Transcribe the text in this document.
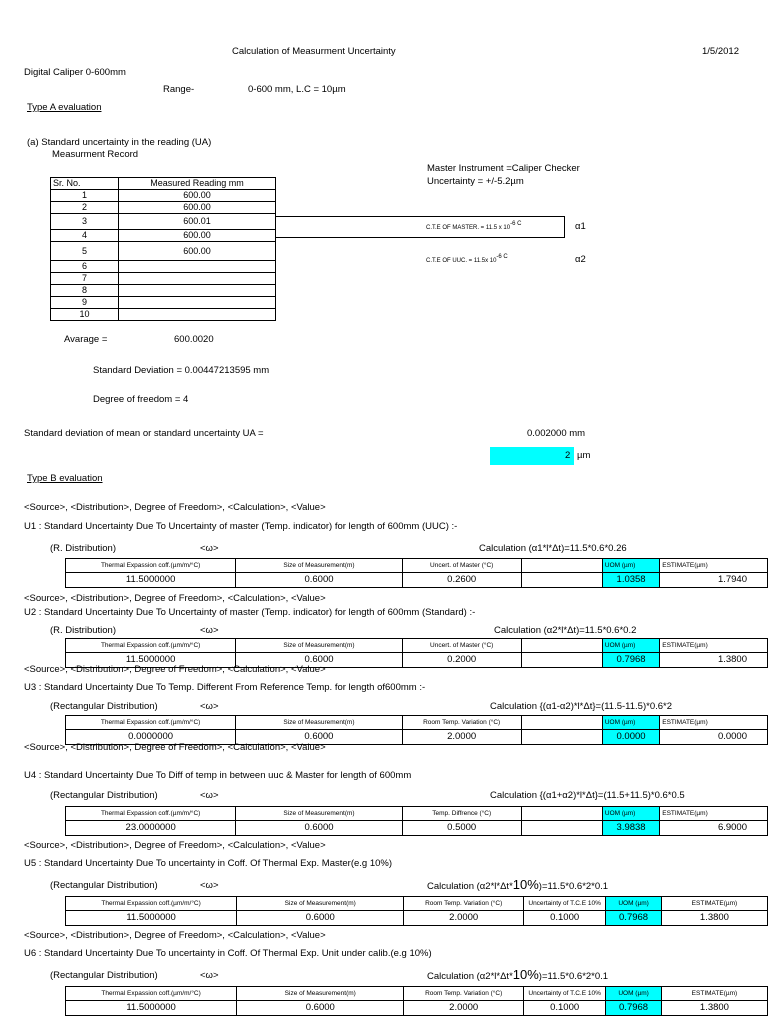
Calculation of Measurment Uncertainty	1/5/2012
Digital Caliper 0-600mm
Range-	0-600 mm, L.C = 10µm
Type A evaluation
(a) Standard uncertainty in the reading (UA)
Measurment Record
Master Instrument =Caliper Checker
Uncertainty = +/-5.2µm
Sr. No.	Measured Reading mm
1	600.00
2	600.00
3	600.01
4	600.00
5	600.00
6	
7	
8	
9	
10	
C.T.E OF MASTER. = 11.5 x $10^{-6 C}$	α1
C.T.E OF UUC. = 11.5x $10^{-6 C}$	α2
Avarage =	600.0020
Standard Deviation = 0.00447213595 mm
Degree of freedom = 4
Standard deviation of mean or standard uncertainty UA =	0.002000 mm
2 µm
Type B evaluation
<Source>, <Distribution>, Degree of Freedom>, <Calculation>, <Value>
U1 : Standard Uncertainty Due To Uncertainty of master (Temp. indicator) for length of 600mm (UUC) :-
(R. Distribution)	<ω>	Calculation (α1*l*Δt)=11.5*0.6*0.26
Thermal Expassion coff.(µm/m/°C)	Size of Measurement(m)	Uncert. of Master (°C)		UOM (µm)	ESTIMATE(µm)
11.5000000	0.6000	0.2600		1.0358	1.7940
<Source>, <Distribution>, Degree of Freedom>, <Calculation>, <Value>
U2 : Standard Uncertainty Due To Uncertainty of master (Temp. indicator) for length of 600mm (Standard) :-
(R. Distribution)	<ω>	Calculation (α2*l*Δt)=11.5*0.6*0.2
Thermal Expassion coff.(µm/m/°C)	Size of Measurement(m)	Uncert. of Master (°C)		UOM (µm)	ESTIMATE(µm)
11.5000000	0.6000	0.2000		0.7968	1.3800
<Source>, <Distribution>, Degree of Freedom>, <Calculation>, <Value>
U3 : Standard Uncertainty Due To Temp. Different From Reference Temp. for length of600mm :-
(Rectangular Distribution)	<ω>	Calculation {(α1-α2)*l*Δt}=(11.5-11.5)*0.6*2
Thermal Expassion coff.(µm/m/°C)	Size of Measurement(m)	Room Temp. Variation (°C)		UOM (µm)	ESTIMATE(µm)
0.0000000	0.6000	2.0000		0.0000	0.0000
<Source>, <Distribution>, Degree of Freedom>, <Calculation>, <Value>
U4 : Standard Uncertainty Due To Diff of temp in between uuc & Master for length of 600mm
(Rectangular Distribution)	<ω>	Calculation {(α1+α2)*l*Δt}=(11.5+11.5)*0.6*0.5
Thermal Expassion coff.(µm/m/°C)	Size of Measurement(m)	Temp. Diffrence (°C)		UOM (µm)	ESTIMATE(µm)
23.0000000	0.6000	0.5000		3.9838	6.9000
<Source>, <Distribution>, Degree of Freedom>, <Calculation>, <Value>
U5 : Standard Uncertainty Due To uncertainty in Coff. Of Thermal Exp. Master(e.g 10%)
(Rectangular Distribution)	<ω>	Calculation (α2*l*Δt*10%)=11.5*0.6*2*0.1
Thermal Expassion coff.(µm/m/°C)	Size of Measurement(m)	Room Temp. Variation (°C)	Uncertainty of T.C.E 10%	UOM (µm)	ESTIMATE(µm)
11.5000000	0.6000	2.0000	0.1000	0.7968	1.3800
<Source>, <Distribution>, Degree of Freedom>, <Calculation>, <Value>
U6 : Standard Uncertainty Due To uncertainty in Coff. Of Thermal Exp. Unit under calib.(e.g 10%)
(Rectangular Distribution)	<ω>	Calculation (α2*l*Δt*10%)=11.5*0.6*2*0.1
Thermal Expassion coff.(µm/m/°C)	Size of Measurement(m)	Room Temp. Variation (°C)	Uncertainty of T.C.E 10%	UOM (µm)	ESTIMATE(µm)
11.5000000	0.6000	2.0000	0.1000	0.7968	1.3800
